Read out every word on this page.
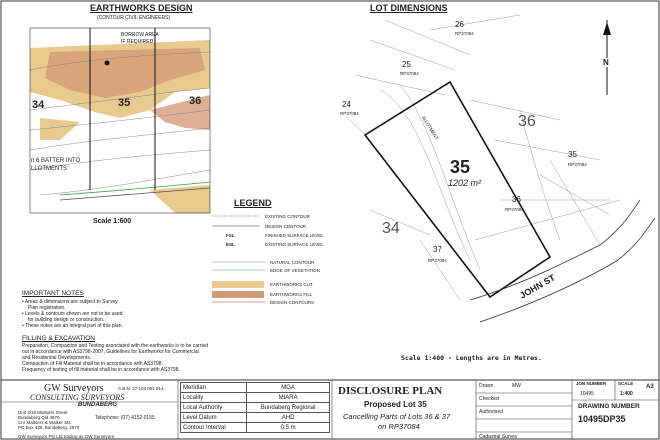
EARTHWORKS DESIGN
(CONTOUR CIVIL ENGINEERS)
BORROW AREA
IF REQUIRED
34	35	36
n 6 BATTER INTO
LLOTMENTS
Scale 1:600
LEGEND
FSL
ESL
EXISTING CONTOUR
DESIGN CONTOUR
FINISHED SURFACE LEVEL
EXISTING SURFACE LEVEL
NATURAL CONTOUR
EDGE OF VEGETATION
EARTHWORKS CUT
EARTHWORKS FILL
DESIGN CONTOURS
IMPORTANT NOTES
• Areas & dimensions are subject to Survey
Plan registration.
• Levels & contours shown are not to be used
for building design or construction.
• These notes are an integral part of this plan.
FILLING & EXCAVATION
Preparation, Compaction and Testing associated with the earthworks is to be carried
out in accordance with AS3798-2007, Guidelines for Earthworks for Commercial
and Residential Developments.
Compaction of Fill Material shall be in accordance with AS3798.
Frequency of testing of fill material shall be in accordance with AS3798.
LOT DIMENSIONS
26
RP37084
25
RP37084
24
RP37084	36
35
RP37084
36
RP37084
37
RP37084
34
ALLOTMENT
35
1202 m²
N
JOHN ST
Scale 1:400 - Lengths are in Metres.
GW Surveyors	A.B.N. 27 103 001 814
CONSULTING SURVEYORS
BUNDABERG
Unit 3/19 Maltsers Street
Bundaberg Qld 4670
Cnr Maltsers & Walker Sts
PO Box 439, Bundaberg, 4670
Telephone: (07) 4152 0155
GW Surveyors Pty Ltd trading as GW Surveyors
Meridian	MGA
Locality	MIARA
Local Authority	Bundaberg Regional
Level Datum	AHD
Contour Interval	0.5 m
DISCLOSURE PLAN
Proposed Lot 35
Cancelling Parts of Lots 36 & 37
on RP37084
Drawn	MW
Checked
Authorised
Cadastral Survey
JOB NUMBER
10495
SCALE
1:400
A3
DRAWING NUMBER
10495DP35
